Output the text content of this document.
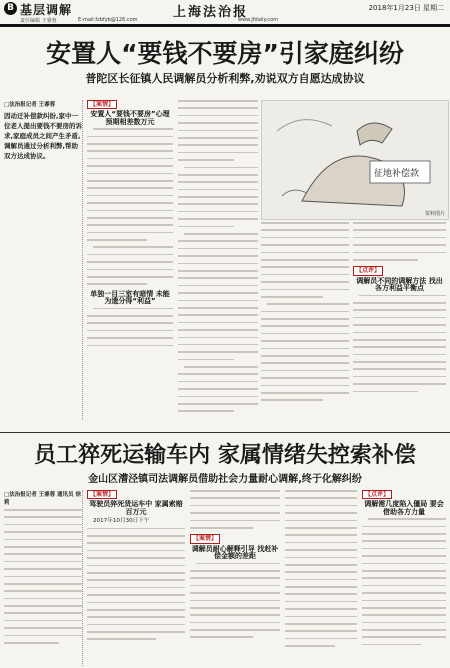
B 基层调解	上海法治报	2018年1月23日 星期二
责任编辑 王睿蓉	E-mail:fzbfyb@126.com	www.jfdaily.com
安置人“要钱不要房”引家庭纠纷
普陀区长征镇人民调解员分析利弊,劝说双方自愿达成协议
□法治报记者 王睿蓉
因动迁补偿款纠纷,家中一位老人提出要钱不要房的诉求,家庭成员之间产生矛盾,调解员通过分析利弊,帮助双方达成协议。
【案情】
安置人“要钱不要房”心理预期相差数万元
单独一目三室有暗情 未能为遗分得“利益”
征地补偿款
资料图片
【点评】
调解员不同的调解方法 找出各方利益平衡点
员工猝死运输车内 家属情绪失控索补偿
金山区漕泾镇司法调解员借助社会力量耐心调解,终于化解纠纷
□法治报记者 王睿蓉 通讯员 徐莉
【案情】
驾驶员猝死货运车中 家属索赔百万元
2017年10月30日下午
【案情】
调解员耐心解释引导 找赶补偿金额的差距
【点评】
调解需几度陷入僵局 要会借助各方力量
